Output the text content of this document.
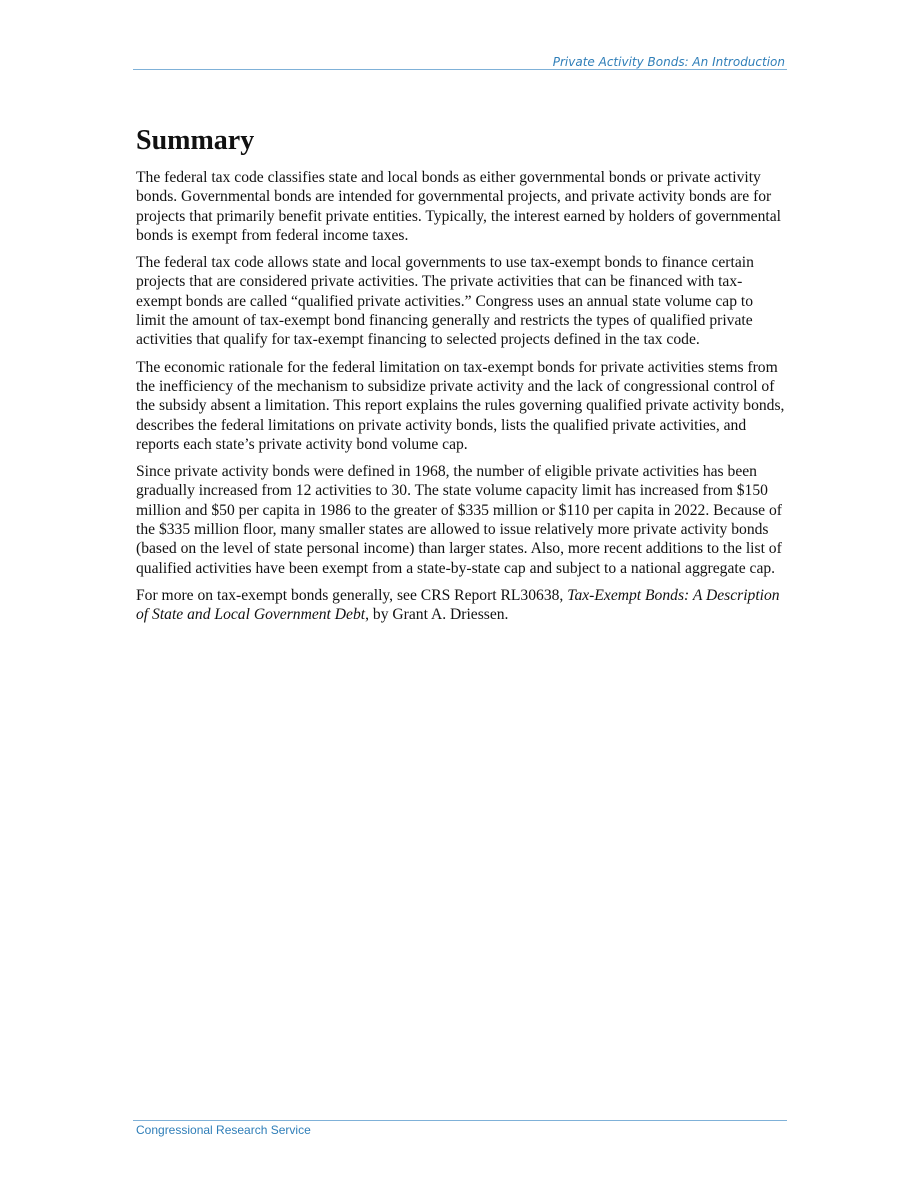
Private Activity Bonds: An Introduction
Summary

The federal tax code classifies state and local bonds as either governmental bonds or private activity bonds. Governmental bonds are intended for governmental projects, and private activity bonds are for projects that primarily benefit private entities. Typically, the interest earned by holders of governmental bonds is exempt from federal income taxes.

The federal tax code allows state and local governments to use tax-exempt bonds to finance certain projects that are considered private activities. The private activities that can be financed with tax-exempt bonds are called “qualified private activities.” Congress uses an annual state volume cap to limit the amount of tax-exempt bond financing generally and restricts the types of qualified private activities that qualify for tax-exempt financing to selected projects defined in the tax code.

The economic rationale for the federal limitation on tax-exempt bonds for private activities stems from the inefficiency of the mechanism to subsidize private activity and the lack of congressional control of the subsidy absent a limitation. This report explains the rules governing qualified private activity bonds, describes the federal limitations on private activity bonds, lists the qualified private activities, and reports each state’s private activity bond volume cap.

Since private activity bonds were defined in 1968, the number of eligible private activities has been gradually increased from 12 activities to 30. The state volume capacity limit has increased from $150 million and $50 per capita in 1986 to the greater of $335 million or $110 per capita in 2022. Because of the $335 million floor, many smaller states are allowed to issue relatively more private activity bonds (based on the level of state personal income) than larger states. Also, more recent additions to the list of qualified activities have been exempt from a state-by-state cap and subject to a national aggregate cap.

For more on tax-exempt bonds generally, see CRS Report RL30638, Tax-Exempt Bonds: A Description of State and Local Government Debt, by Grant A. Driessen.

Congressional Research Service
